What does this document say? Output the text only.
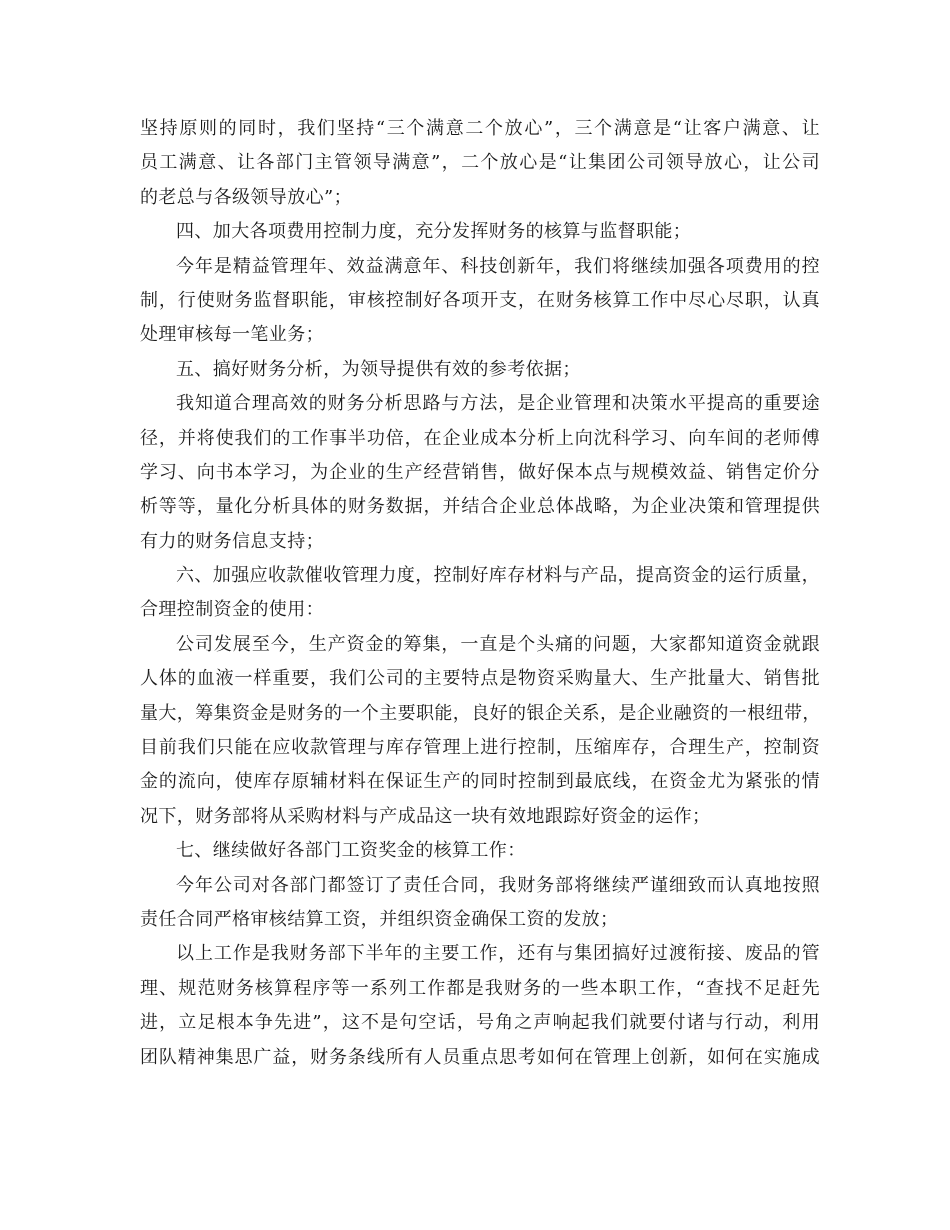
坚持原则的同时，我们坚持“三个满意二个放心”，三个满意是“让客户满意、让
员工满意、让各部门主管领导满意”，二个放心是“让集团公司领导放心，让公司
的老总与各级领导放心”；
四、加大各项费用控制力度，充分发挥财务的核算与监督职能；
今年是精益管理年、效益满意年、科技创新年，我们将继续加强各项费用的控
制，行使财务监督职能，审核控制好各项开支，在财务核算工作中尽心尽职，认真
处理审核每一笔业务；
五、搞好财务分析，为领导提供有效的参考依据；
我知道合理高效的财务分析思路与方法，是企业管理和决策水平提高的重要途
径，并将使我们的工作事半功倍，在企业成本分析上向沈科学习、向车间的老师傅
学习、向书本学习，为企业的生产经营销售，做好保本点与规模效益、销售定价分
析等等，量化分析具体的财务数据，并结合企业总体战略，为企业决策和管理提供
有力的财务信息支持；
六、加强应收款催收管理力度，控制好库存材料与产品，提高资金的运行质量，
合理控制资金的使用：
公司发展至今，生产资金的筹集，一直是个头痛的问题，大家都知道资金就跟
人体的血液一样重要，我们公司的主要特点是物资采购量大、生产批量大、销售批
量大，筹集资金是财务的一个主要职能，良好的银企关系，是企业融资的一根纽带，
目前我们只能在应收款管理与库存管理上进行控制，压缩库存，合理生产，控制资
金的流向，使库存原辅材料在保证生产的同时控制到最底线，在资金尤为紧张的情
况下，财务部将从采购材料与产成品这一块有效地跟踪好资金的运作；
七、继续做好各部门工资奖金的核算工作：
今年公司对各部门都签订了责任合同，我财务部将继续严谨细致而认真地按照
责任合同严格审核结算工资，并组织资金确保工资的发放；
以上工作是我财务部下半年的主要工作，还有与集团搞好过渡衔接、废品的管
理、规范财务核算程序等一系列工作都是我财务的一些本职工作，“查找不足赶先
进，立足根本争先进”，这不是句空话，号角之声响起我们就要付诸与行动，利用
团队精神集思广益，财务条线所有人员重点思考如何在管理上创新，如何在实施成
